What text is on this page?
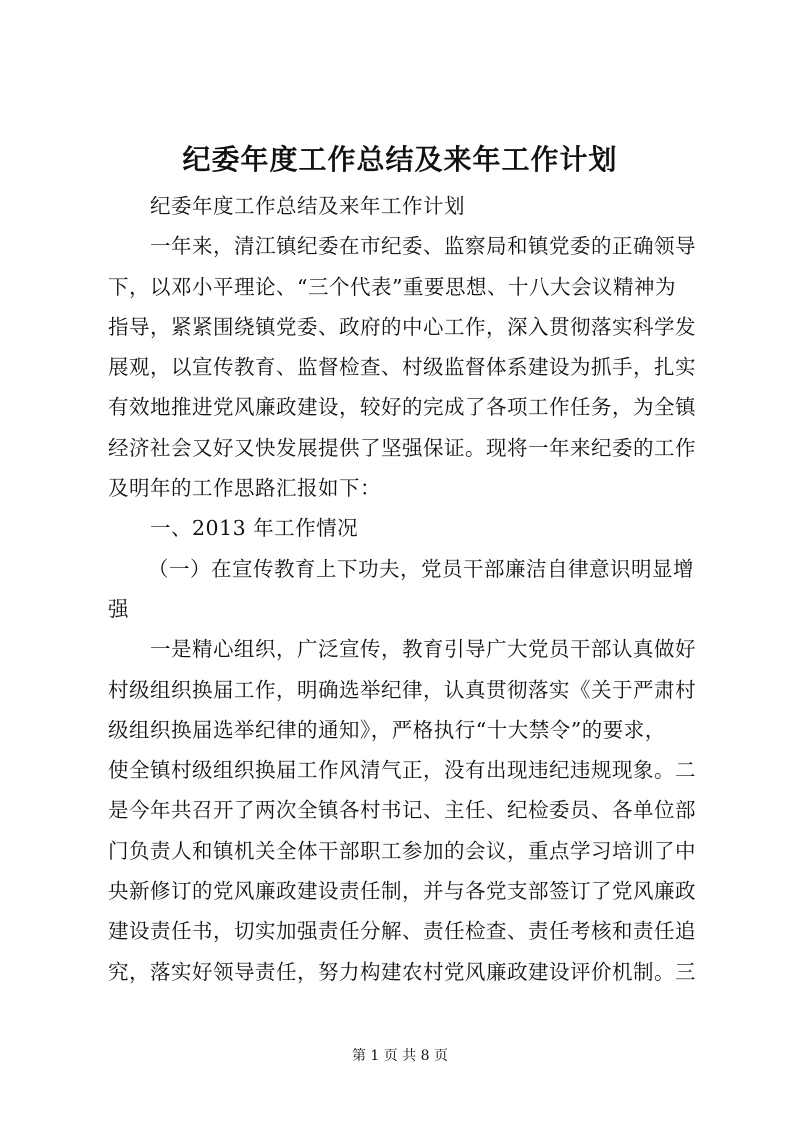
纪委年度工作总结及来年工作计划
纪委年度工作总结及来年工作计划
一年来，清江镇纪委在市纪委、监察局和镇党委的正确领导
下，以邓小平理论、“三个代表”重要思想、十八大会议精神为
指导，紧紧围绕镇党委、政府的中心工作，深入贯彻落实科学发
展观，以宣传教育、监督检查、村级监督体系建设为抓手，扎实
有效地推进党风廉政建设，较好的完成了各项工作任务，为全镇
经济社会又好又快发展提供了坚强保证。现将一年来纪委的工作
及明年的工作思路汇报如下：
一、2013 年工作情况
（一）在宣传教育上下功夫，党员干部廉洁自律意识明显增
强
一是精心组织，广泛宣传，教育引导广大党员干部认真做好
村级组织换届工作，明确选举纪律，认真贯彻落实《关于严肃村
级组织换届选举纪律的通知》，严格执行“十大禁令”的要求，
使全镇村级组织换届工作风清气正，没有出现违纪违规现象。二
是今年共召开了两次全镇各村书记、主任、纪检委员、各单位部
门负责人和镇机关全体干部职工参加的会议，重点学习培训了中
央新修订的党风廉政建设责任制，并与各党支部签订了党风廉政
建设责任书，切实加强责任分解、责任检查、责任考核和责任追
究，落实好领导责任，努力构建农村党风廉政建设评价机制。三
第 1 页 共 8 页
